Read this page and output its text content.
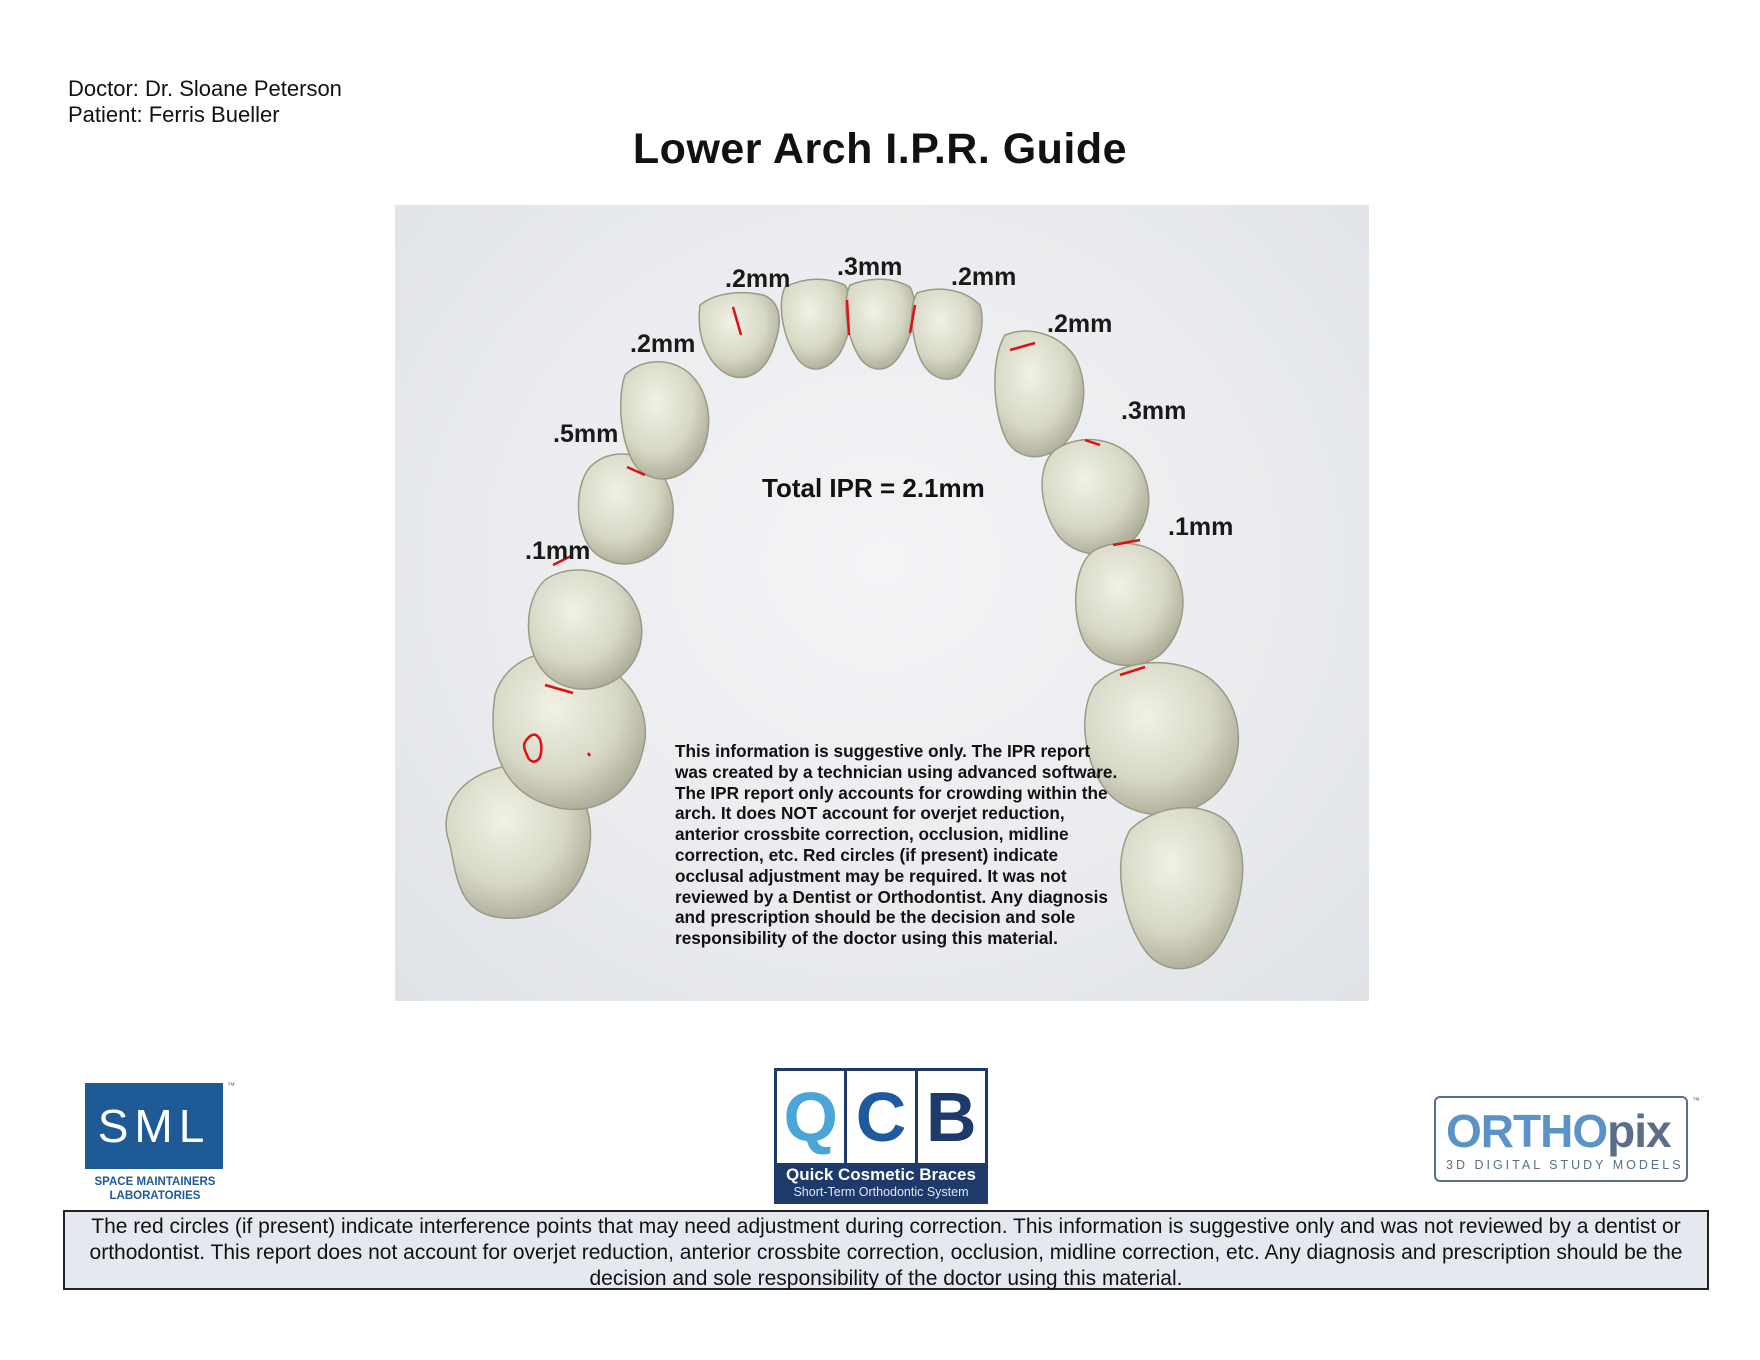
Doctor: Dr. Sloane Peterson
Patient: Ferris Bueller
Lower Arch I.P.R. Guide
.1mm
.5mm
.2mm
.2mm .3mm .2mm
.2mm
.3mm
.1mm
Total IPR = 2.1mm
This information is suggestive only. The IPR report was created by a technician using advanced software. The IPR report only accounts for crowding within the arch. It does NOT account for overjet reduction, anterior crossbite correction, occlusion, midline correction, etc. Red circles (if present) indicate occlusal adjustment may be required. It was not reviewed by a Dentist or Orthodontist. Any diagnosis and prescription should be the decision and sole responsibility of the doctor using this material.
SML
™
SPACE MAINTAINERS LABORATORIES
Q C B
Quick Cosmetic Braces
Short-Term Orthodontic System
ORTHOpix
3D DIGITAL STUDY MODELS
™
The red circles (if present) indicate interference points that may need adjustment during correction. This information is suggestive only and was not reviewed by a dentist or orthodontist. This report does not account for overjet reduction, anterior crossbite correction, occlusion, midline correction, etc. Any diagnosis and prescription should be the decision and sole responsibility of the doctor using this material.
